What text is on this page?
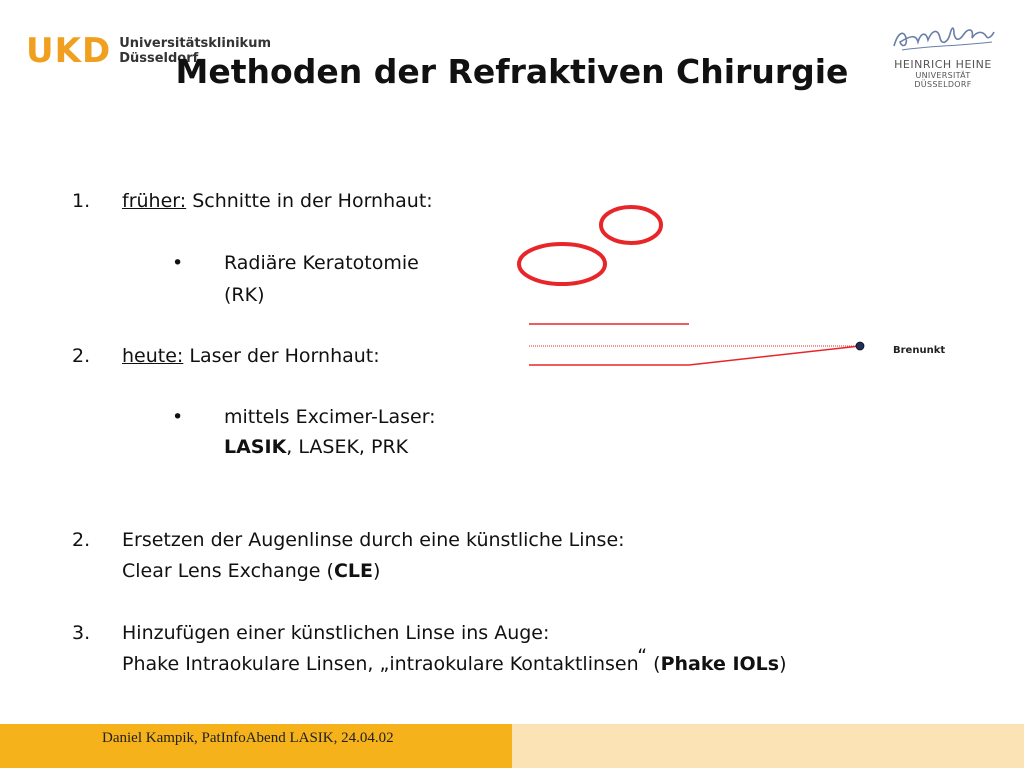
UKD Universitätsklinikum
Düsseldorf
Methoden der Refraktiven Chirurgie	HEINRICH HEINE
UNIVERSITÄT DÜSSELDORF
1. früher: Schnitte in der Hornhaut:
• Radiäre Keratotomie
(RK)
2. heute: Laser der Hornhaut:
• mittels Excimer-Laser:
LASIK, LASEK, PRK
2. Ersetzen der Augenlinse durch eine künstliche Linse:
Clear Lens Exchange (CLE)
3. Hinzufügen einer künstlichen Linse ins Auge:
Phake Intraokulare Linsen, „intraokulare Kontaktlinsen“ (Phake IOLs)
Brenunkt
Daniel Kampik, PatInfoAbend LASIK, 24.04.02
